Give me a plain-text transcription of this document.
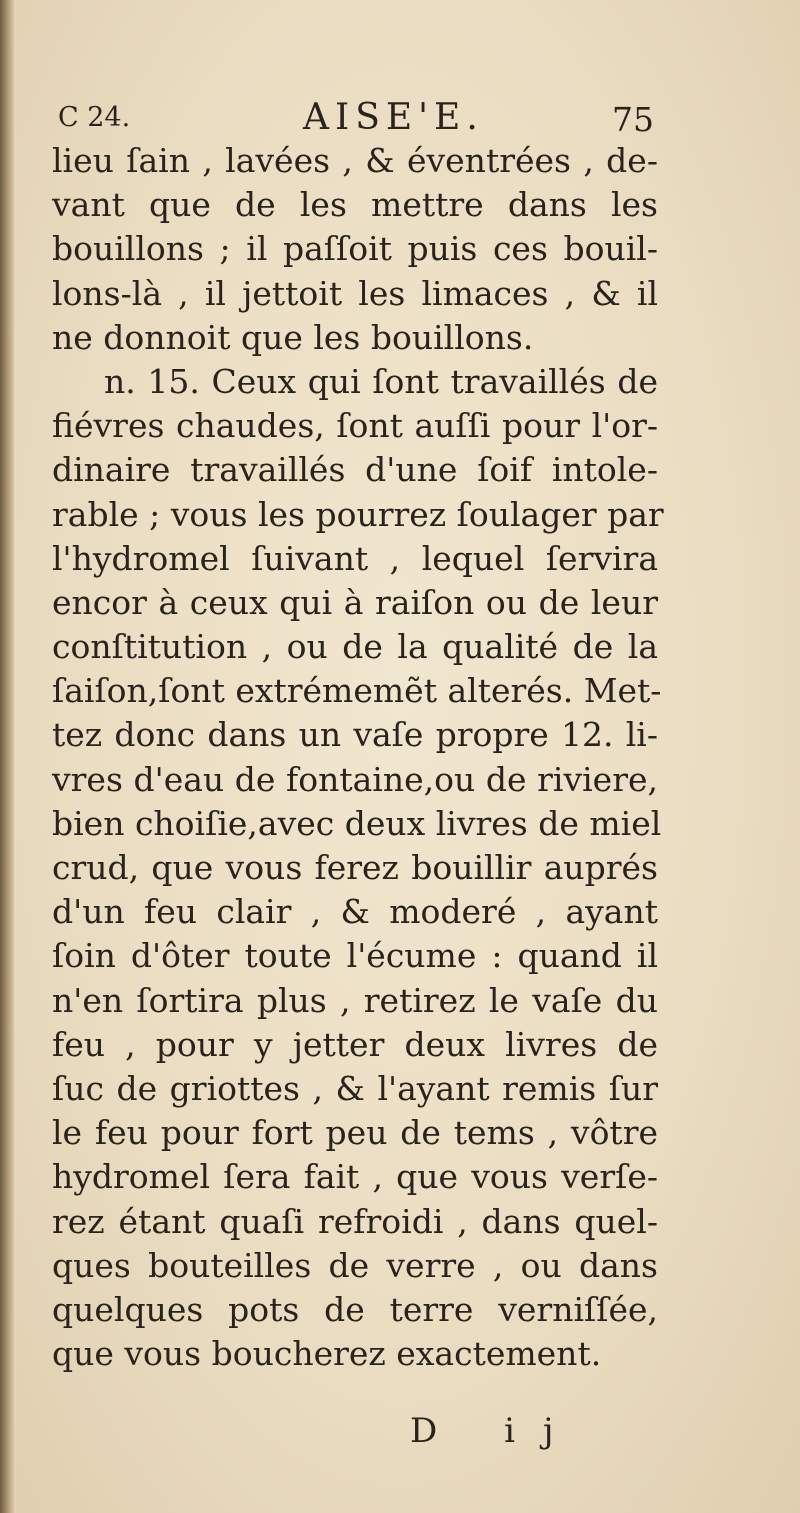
C 24.	AISE'E.	75
lieu ſain , lavées , & éventrées , de-
vant que de les mettre dans les
bouillons ; il paſſoit puis ces bouil-
lons-là , il jettoit les limaces , & il
ne donnoit que les bouillons.
n. 15. Ceux qui ſont travaillés de
fiévres chaudes, ſont auſſi pour l'or-
dinaire travaillés d'une ſoif intole-
rable ; vous les pourrez ſoulager par
l'hydromel ſuivant , lequel ſervira
encor à ceux qui à raiſon ou de leur
conſtitution , ou de la qualité de la
ſaiſon,ſont extrémemẽt alterés. Met-
tez donc dans un vaſe propre 12. li-
vres d'eau de fontaine,ou de riviere,
bien choiſie,avec deux livres de miel
crud, que vous ferez bouillir auprés
d'un feu clair , & moderé , ayant
ſoin d'ôter toute l'écume : quand il
n'en ſortira plus , retirez le vaſe du
feu , pour y jetter deux livres de
ſuc de griottes , & l'ayant remis ſur
le feu pour fort peu de tems , vôtre
hydromel ſera fait , que vous verſe-
rez étant quaſi refroidi , dans quel-
ques bouteilles de verre , ou dans
quelques pots de terre verniſſée,
que vous boucherez exactement.
D ij
